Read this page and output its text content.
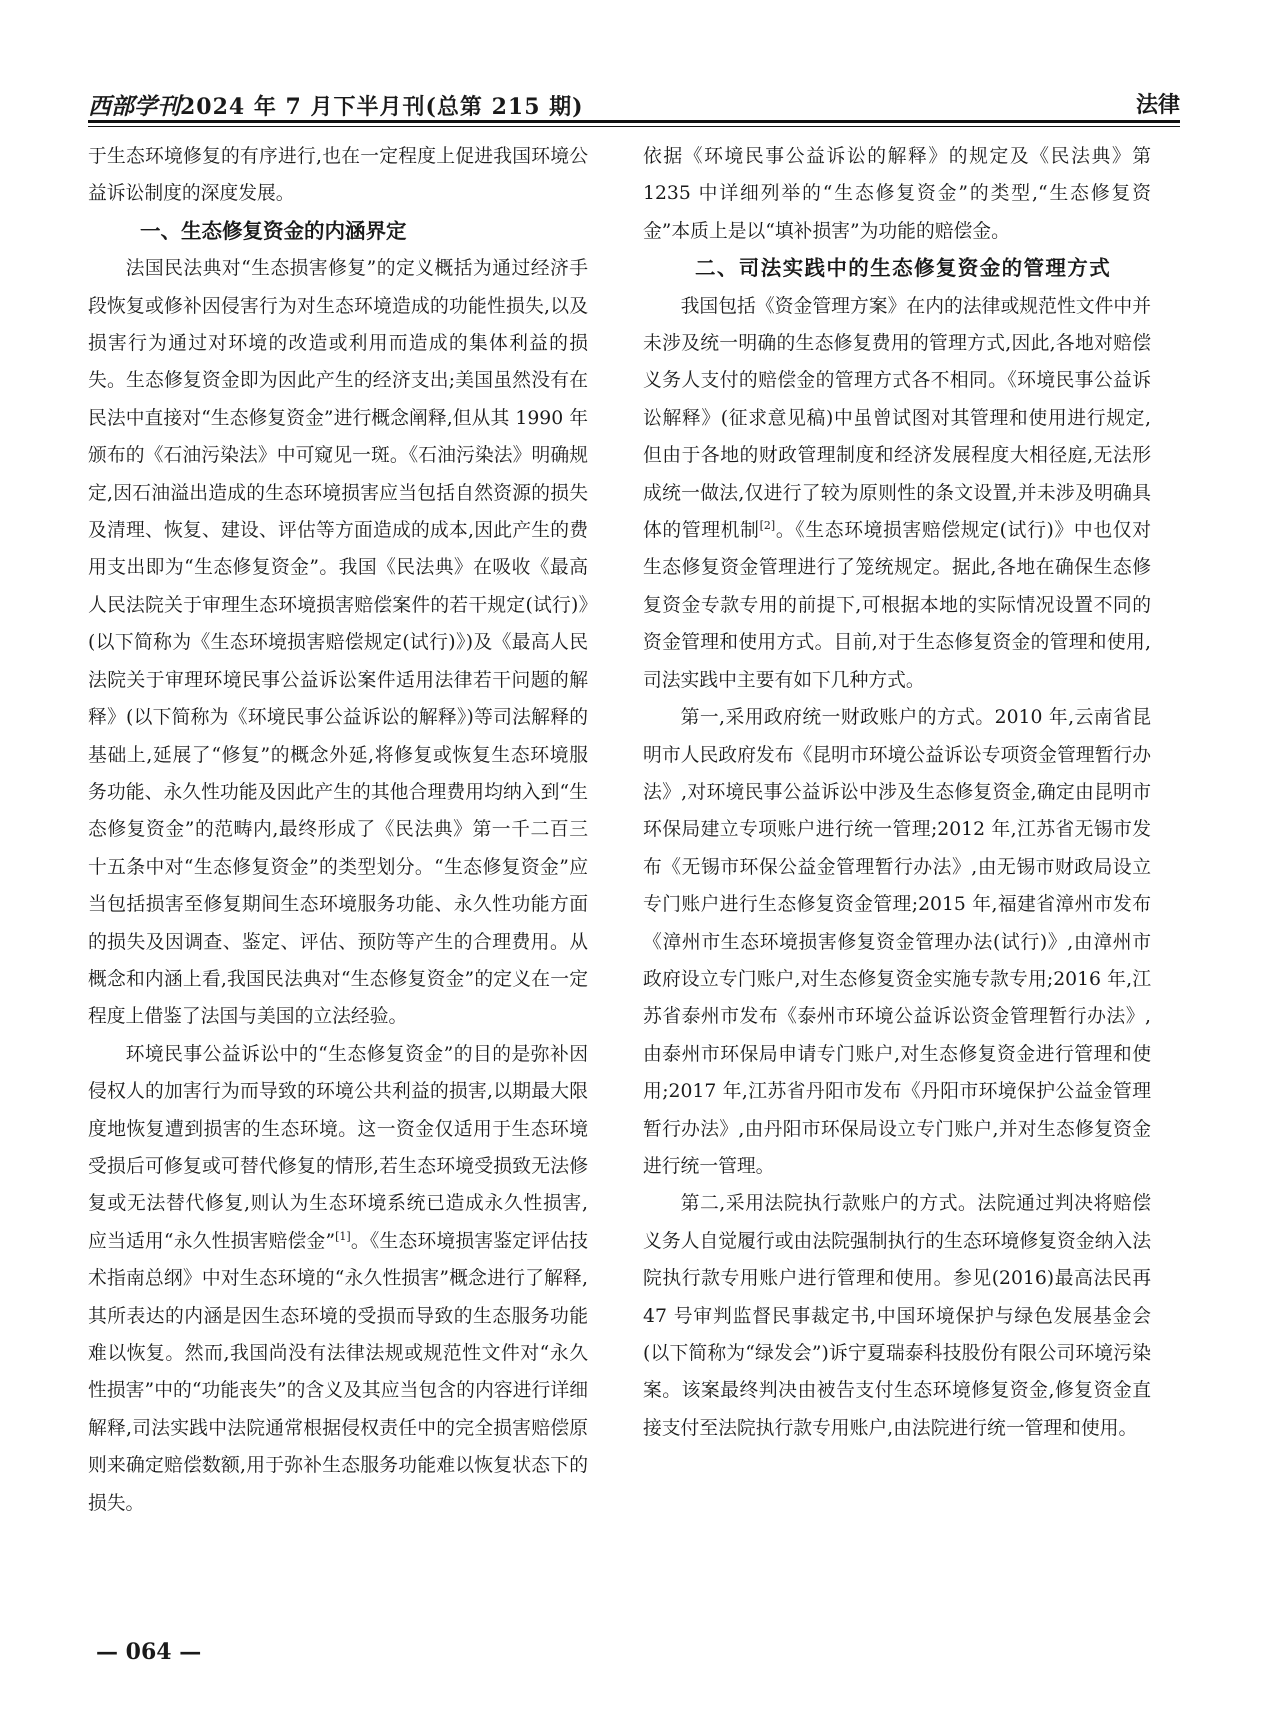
西部学刊2024 年 7 月下半月刊(总第 215 期)	法律

于生态环境修复的有序进行,也在一定程度上促进我国环境公益诉讼制度的深度发展。

一、生态修复资金的内涵界定

法国民法典对“生态损害修复”的定义概括为通过经济手段恢复或修补因侵害行为对生态环境造成的功能性损失,以及损害行为通过对环境的改造或利用而造成的集体利益的损失。生态修复资金即为因此产生的经济支出;美国虽然没有在民法中直接对“生态修复资金”进行概念阐释,但从其 1990 年颁布的《石油污染法》中可窥见一斑。《石油污染法》明确规定,因石油溢出造成的生态环境损害应当包括自然资源的损失及清理、恢复、建设、评估等方面造成的成本,因此产生的费用支出即为“生态修复资金”。我国《民法典》在吸收《最高人民法院关于审理生态环境损害赔偿案件的若干规定(试行)》(以下简称为《生态环境损害赔偿规定(试行)》)及《最高人民法院关于审理环境民事公益诉讼案件适用法律若干问题的解释》(以下简称为《环境民事公益诉讼的解释》)等司法解释的基础上,延展了“修复”的概念外延,将修复或恢复生态环境服务功能、永久性功能及因此产生的其他合理费用均纳入到“生态修复资金”的范畴内,最终形成了《民法典》第一千二百三十五条中对“生态修复资金”的类型划分。“生态修复资金”应当包括损害至修复期间生态环境服务功能、永久性功能方面的损失及因调查、鉴定、评估、预防等产生的合理费用。从概念和内涵上看,我国民法典对“生态修复资金”的定义在一定程度上借鉴了法国与美国的立法经验。

环境民事公益诉讼中的“生态修复资金”的目的是弥补因侵权人的加害行为而导致的环境公共利益的损害,以期最大限度地恢复遭到损害的生态环境。这一资金仅适用于生态环境受损后可修复或可替代修复的情形,若生态环境受损致无法修复或无法替代修复,则认为生态环境系统已造成永久性损害,应当适用“永久性损害赔偿金”[1]。《生态环境损害鉴定评估技术指南总纲》中对生态环境的“永久性损害”概念进行了解释,其所表达的内涵是因生态环境的受损而导致的生态服务功能难以恢复。然而,我国尚没有法律法规或规范性文件对“永久性损害”中的“功能丧失”的含义及其应当包含的内容进行详细解释,司法实践中法院通常根据侵权责任中的完全损害赔偿原则来确定赔偿数额,用于弥补生态服务功能难以恢复状态下的损失。

依据《环境民事公益诉讼的解释》的规定及《民法典》第 1235 中详细列举的“生态修复资金”的类型,“生态修复资金”本质上是以“填补损害”为功能的赔偿金。

二、司法实践中的生态修复资金的管理方式

我国包括《资金管理方案》在内的法律或规范性文件中并未涉及统一明确的生态修复费用的管理方式,因此,各地对赔偿义务人支付的赔偿金的管理方式各不相同。《环境民事公益诉讼解释》(征求意见稿)中虽曾试图对其管理和使用进行规定,但由于各地的财政管理制度和经济发展程度大相径庭,无法形成统一做法,仅进行了较为原则性的条文设置,并未涉及明确具体的管理机制[2]。《生态环境损害赔偿规定(试行)》中也仅对生态修复资金管理进行了笼统规定。据此,各地在确保生态修复资金专款专用的前提下,可根据本地的实际情况设置不同的资金管理和使用方式。目前,对于生态修复资金的管理和使用,司法实践中主要有如下几种方式。

第一,采用政府统一财政账户的方式。2010 年,云南省昆明市人民政府发布《昆明市环境公益诉讼专项资金管理暂行办法》,对环境民事公益诉讼中涉及生态修复资金,确定由昆明市环保局建立专项账户进行统一管理;2012 年,江苏省无锡市发布《无锡市环保公益金管理暂行办法》,由无锡市财政局设立专门账户进行生态修复资金管理;2015 年,福建省漳州市发布《漳州市生态环境损害修复资金管理办法(试行)》,由漳州市政府设立专门账户,对生态修复资金实施专款专用;2016 年,江苏省泰州市发布《泰州市环境公益诉讼资金管理暂行办法》,由泰州市环保局申请专门账户,对生态修复资金进行管理和使用;2017 年,江苏省丹阳市发布《丹阳市环境保护公益金管理暂行办法》,由丹阳市环保局设立专门账户,并对生态修复资金进行统一管理。

第二,采用法院执行款账户的方式。法院通过判决将赔偿义务人自觉履行或由法院强制执行的生态环境修复资金纳入法院执行款专用账户进行管理和使用。参见(2016)最高法民再 47 号审判监督民事裁定书,中国环境保护与绿色发展基金会(以下简称为“绿发会”)诉宁夏瑞泰科技股份有限公司环境污染案。该案最终判决由被告支付生态环境修复资金,修复资金直接支付至法院执行款专用账户,由法院进行统一管理和使用。

— 064 —
